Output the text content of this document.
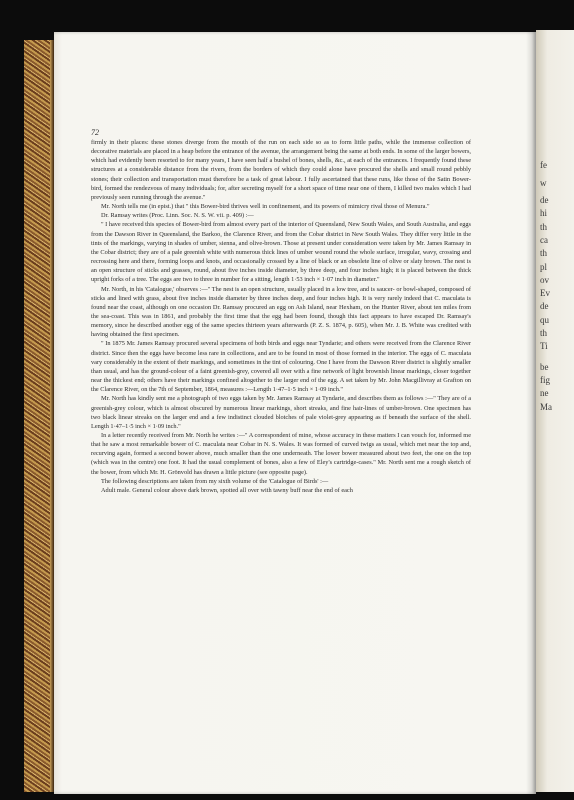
72

firmly in their places: these stones diverge from the mouth of the run on each side so as to form little paths, while the immense collection of decorative materials are placed in a heap before the entrance of the avenue, the arrangement being the same at both ends. In some of the larger bowers, which had evidently been resorted to for many years, I have seen half a bushel of bones, shells, &c., at each of the entrances. I frequently found these structures at a considerable distance from the rivers, from the borders of which they could alone have procured the shells and small round pebbly stones; their collection and transportation must therefore be a task of great labour. I fully ascertained that these runs, like those of the Satin Bower-bird, formed the rendezvous of many individuals; for, after secreting myself for a short space of time near one of them, I killed two males which I had previously seen running through the avenue."

Mr. North tells me (in epist.) that " this Bower-bird thrives well in confinement, and its powers of mimicry rival those of Menura."

Dr. Ramsay writes (Proc. Linn. Soc. N. S. W. vii. p. 409) :—

" I have received this species of Bower-bird from almost every part of the interior of Queensland, New South Wales, and South Australia, and eggs from the Dawson River in Queensland, the Barkoo, the Clarence River, and from the Cobar district in New South Wales. They differ very little in the tints of the markings, varying in shades of umber, sienna, and olive-brown. Those at present under consideration were taken by Mr. James Ramsay in the Cobar district; they are of a pale greenish white with numerous thick lines of umber wound round the whole surface, irregular, wavy, crossing and recrossing here and there, forming loops and knots, and occasionally crossed by a line of black or an obsolete line of olive or slaty brown. The nest is an open structure of sticks and grasses, round, about five inches inside diameter, by three deep, and four inches high; it is placed between the thick upright forks of a tree. The eggs are two to three in number for a sitting, length 1·53 inch × 1·07 inch in diameter."

Mr. North, in his 'Catalogue,' observes :—" The nest is an open structure, usually placed in a low tree, and is saucer- or bowl-shaped, composed of sticks and lined with grass, about five inches inside diameter by three inches deep, and four inches high. It is very rarely indeed that C. maculata is found near the coast, although on one occasion Dr. Ramsay procured an egg on Ash Island, near Hexham, on the Hunter River, about ten miles from the sea-coast. This was in 1861, and probably the first time that the egg had been found, though this fact appears to have escaped Dr. Ramsay's memory, since he described another egg of the same species thirteen years afterwards (P. Z. S. 1874, p. 605), when Mr. J. B. White was credited with having obtained the first specimen.

" In 1875 Mr. James Ramsay procured several specimens of both birds and eggs near Tyndarie; and others were received from the Clarence River district. Since then the eggs have become less rare in collections, and are to be found in most of those formed in the interior. The eggs of C. maculata vary considerably in the extent of their markings, and sometimes in the tint of colouring. One I have from the Dawson River district is slightly smaller than usual, and has the ground-colour of a faint greenish-grey, covered all over with a fine network of light brownish linear markings, closer together near the thickest end; others have their markings confined altogether to the larger end of the egg. A set taken by Mr. John Macgillivray at Grafton on the Clarence River, on the 7th of September, 1864, measures :—Length 1·47–1·5 inch × 1·09 inch."

Mr. North has kindly sent me a photograph of two eggs taken by Mr. James Ramsay at Tyndarie, and describes them as follows :—" They are of a greenish-grey colour, which is almost obscured by numerous linear markings, short streaks, and fine hair-lines of umber-brown. One specimen has two black linear streaks on the larger end and a few indistinct clouded blotches of pale violet-grey appearing as if beneath the surface of the shell. Length 1·47–1·5 inch × 1·09 inch."

In a letter recently received from Mr. North he writes :—" A correspondent of mine, whose accuracy in these matters I can vouch for, informed me that he saw a most remarkable bower of C. maculata near Cobar in N. S. Wales. It was formed of curved twigs as usual, which met near the top and, recurving again, formed a second bower above, much smaller than the one underneath. The lower bower measured about two feet, the one on the top (which was in the centre) one foot. It had the usual complement of bones, also a few of Eley's cartridge-cases." Mr. North sent me a rough sketch of the bower, from which Mr. H. Grönvold has drawn a little picture (see opposite page).

The following descriptions are taken from my sixth volume of the 'Catalogue of Birds' :—

Adult male. General colour above dark brown, spotted all over with tawny buff near the end of each

fe
w
de
hi
th
ca
th
pl
ov
Ev
de
qu
th
Ti
be
fig
ne
Ma
